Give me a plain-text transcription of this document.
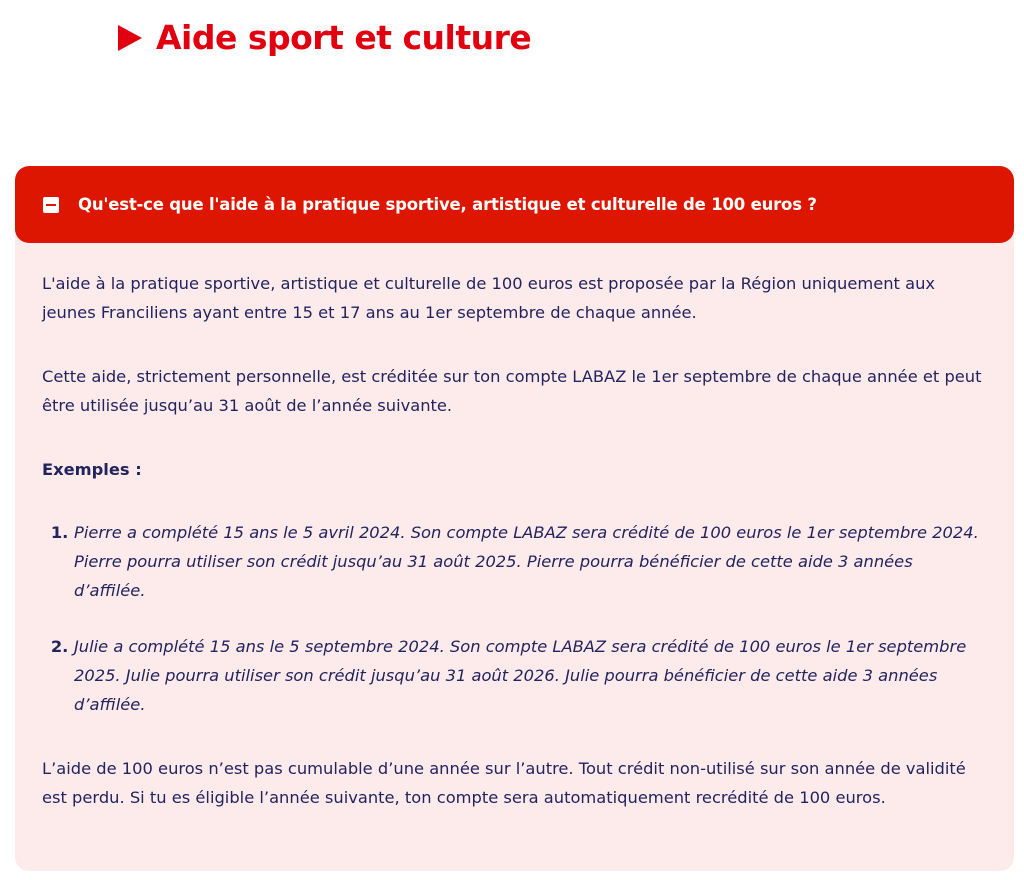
Aide sport et culture
Qu'est-ce que l'aide à la pratique sportive, artistique et culturelle de 100 euros ?

L'aide à la pratique sportive, artistique et culturelle de 100 euros est proposée par la Région uniquement aux jeunes Franciliens ayant entre 15 et 17 ans au 1er septembre de chaque année.

Cette aide, strictement personnelle, est créditée sur ton compte LABAZ le 1er septembre de chaque année et peut être utilisée jusqu’au 31 août de l’année suivante.

Exemples :

1. Pierre a complété 15 ans le 5 avril 2024. Son compte LABAZ sera crédité de 100 euros le 1er septembre 2024. Pierre pourra utiliser son crédit jusqu’au 31 août 2025. Pierre pourra bénéficier de cette aide 3 années d’affilée.
2. Julie a complété 15 ans le 5 septembre 2024. Son compte LABAZ sera crédité de 100 euros le 1er septembre 2025. Julie pourra utiliser son crédit jusqu’au 31 août 2026. Julie pourra bénéficier de cette aide 3 années d’affilée.

L’aide de 100 euros n’est pas cumulable d’une année sur l’autre. Tout crédit non-utilisé sur son année de validité est perdu. Si tu es éligible l’année suivante, ton compte sera automatiquement recrédité de 100 euros.
